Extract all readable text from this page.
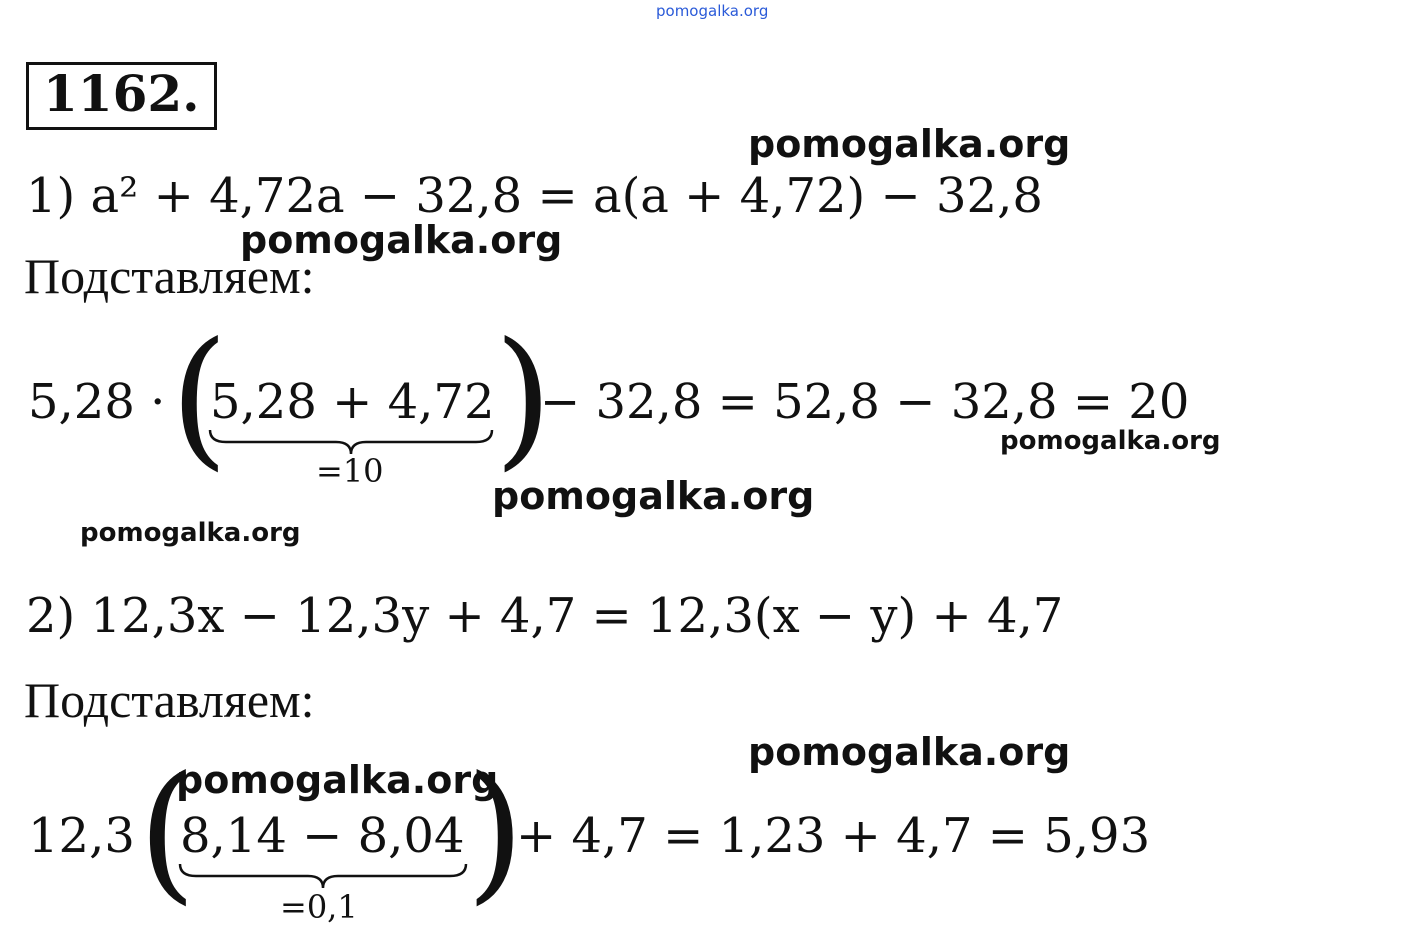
pomogalka.org
1162.
pomogalka.org
pomogalka.org
pomogalka.org
pomogalka.org
pomogalka.org
pomogalka.org
pomogalka.org
1) a² + 4,72a − 32,8 = a(a + 4,72) − 32,8
Подставляем:
5,28 · (
5,28 + 4,72 )
− 32,8 = 52,8 − 32,8 = 20
=10
2) 12,3x − 12,3y + 4,7 = 12,3(x − y) + 4,7
Подставляем:
12,3 (
8,14 − 8,04 )
+ 4,7 = 1,23 + 4,7 = 5,93
=0,1
